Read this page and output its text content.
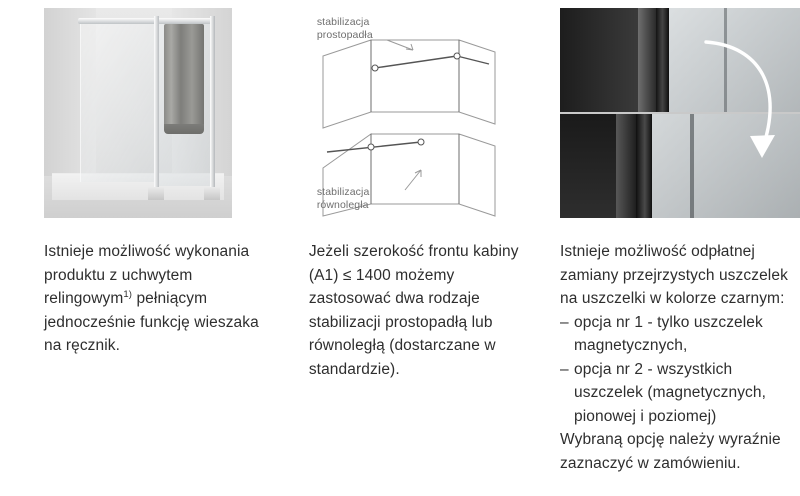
Istnieje możliwość wykonania produktu z uchwytem relingowym$^{1)}$ pełniącym jednocześnie funkcję wieszaka na ręcznik.

stabilizacja
prostopadła
stabilizacja
równoległa

Jeżeli szerokość frontu kabiny (A1) ≤ 1400 możemy zastosować dwa rodzaje stabilizacji prostopadłą lub równoległą (dostarczane w standardzie).

Istnieje możliwość odpłatnej zamiany przejrzystych uszczelek na uszczelki w kolorze czarnym:

– opcja nr 1 - tylko uszczelek magnetycznych,
– opcja nr 2 - wszystkich uszczelek (magnetycznych, pionowej i poziomej)

Wybraną opcję należy wyraźnie zaznaczyć w zamówieniu.
